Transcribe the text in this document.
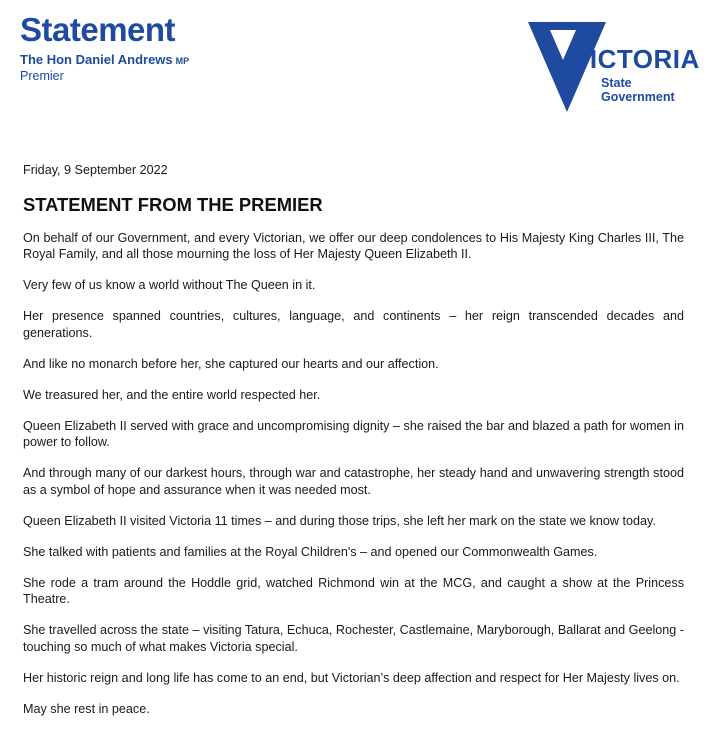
Statement
The Hon Daniel Andrews MP
Premier
VICTORIA
State
Government

Friday, 9 September 2022

STATEMENT FROM THE PREMIER

On behalf of our Government, and every Victorian, we offer our deep condolences to His Majesty King Charles III, The Royal Family, and all those mourning the loss of Her Majesty Queen Elizabeth II.

Very few of us know a world without The Queen in it.

Her presence spanned countries, cultures, language, and continents – her reign transcended decades and generations.

And like no monarch before her, she captured our hearts and our affection.

We treasured her, and the entire world respected her.

Queen Elizabeth II served with grace and uncompromising dignity – she raised the bar and blazed a path for women in power to follow.

And through many of our darkest hours, through war and catastrophe, her steady hand and unwavering strength stood as a symbol of hope and assurance when it was needed most.

Queen Elizabeth II visited Victoria 11 times – and during those trips, she left her mark on the state we know today.

She talked with patients and families at the Royal Children's – and opened our Commonwealth Games.

She rode a tram around the Hoddle grid, watched Richmond win at the MCG, and caught a show at the Princess Theatre.

She travelled across the state – visiting Tatura, Echuca, Rochester, Castlemaine, Maryborough, Ballarat and Geelong - touching so much of what makes Victoria special.

Her historic reign and long life has come to an end, but Victorian’s deep affection and respect for Her Majesty lives on.

May she rest in peace.
